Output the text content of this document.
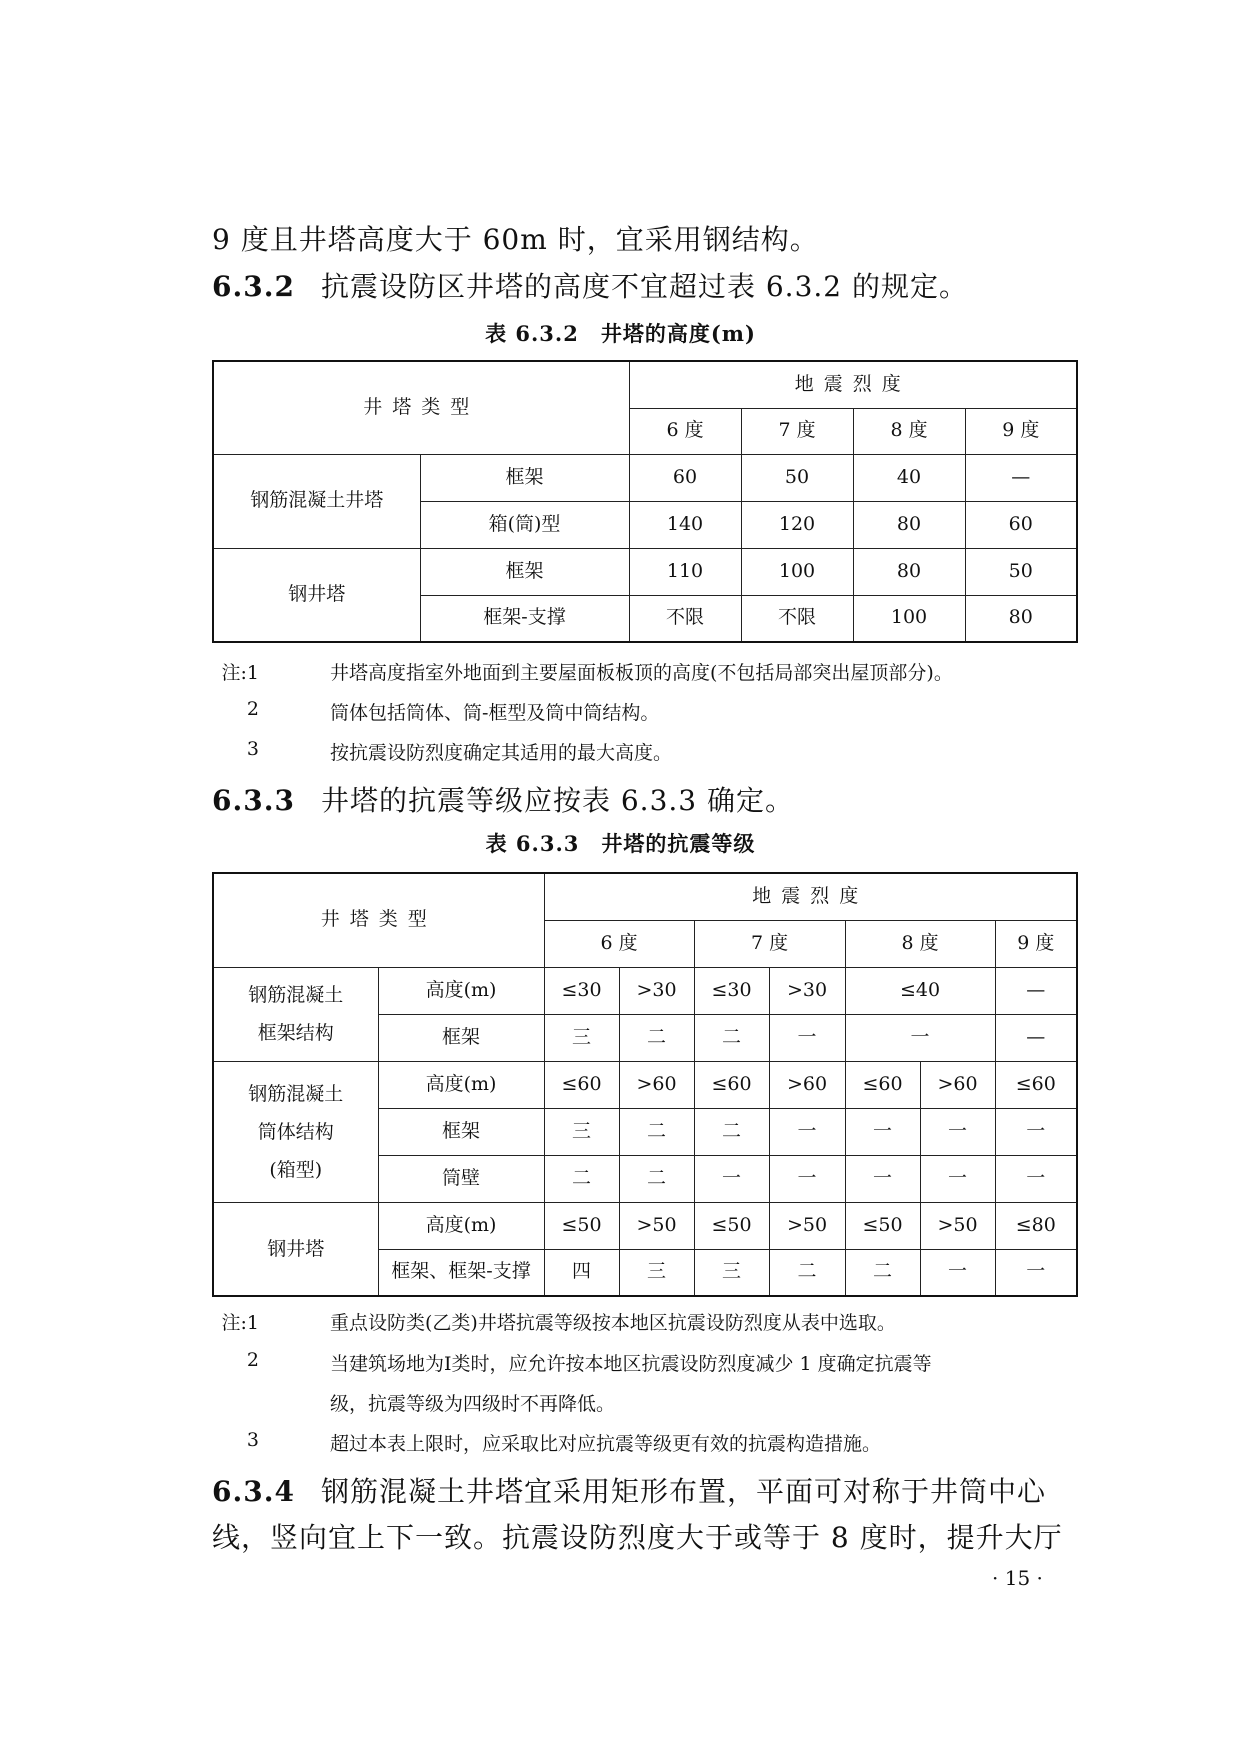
9 度且井塔高度大于 60m 时，宜采用钢结构。
6.3.2 抗震设防区井塔的高度不宜超过表 6.3.2 的规定。
表 6.3.2 井塔的高度(m)
井塔类型		地震烈度			
		6 度	7 度	8 度	9 度
钢筋混凝土井塔	框架	60	50	40	—
	箱(筒)型	140	120	80	60
钢井塔	框架	110	100	80	50
	框架-支撑	不限	不限	100	80
注:1	井塔高度指室外地面到主要屋面板板顶的高度(不包括局部突出屋顶部分)。
2	筒体包括筒体、筒-框型及筒中筒结构。
3	按抗震设防烈度确定其适用的最大高度。
6.3.3 井塔的抗震等级应按表 6.3.3 确定。
表 6.3.3 井塔的抗震等级
井塔类型		地震烈度						
		6 度		7 度		8 度		9 度

钢筋混凝土
框架结构	高度(m)	≤30	>30	≤30	>30	≤40		—
	框架	三	二	二	一	一		—

钢筋混凝土
筒体结构
(箱型)	高度(m)	≤60	>60	≤60	>60	≤60	>60	≤60
	框架	三	二	二	一	一	一	一
	筒壁	二	二	一	一	一	一	一

钢井塔	高度(m)	≤50	>50	≤50	>50	≤50	>50	≤80
	框架、框架-支撑	四	三	三	二	二	一	一
注:1	重点设防类(乙类)井塔抗震等级按本地区抗震设防烈度从表中选取。
2	当建筑场地为Ⅰ类时，应允许按本地区抗震设防烈度减少 1 度确定抗震等
级，抗震等级为四级时不再降低。
3	超过本表上限时，应采取比对应抗震等级更有效的抗震构造措施。
6.3.4 钢筋混凝土井塔宜采用矩形布置，平面可对称于井筒中心
线，竖向宜上下一致。抗震设防烈度大于或等于 8 度时，提升大厅
· 15 ·
